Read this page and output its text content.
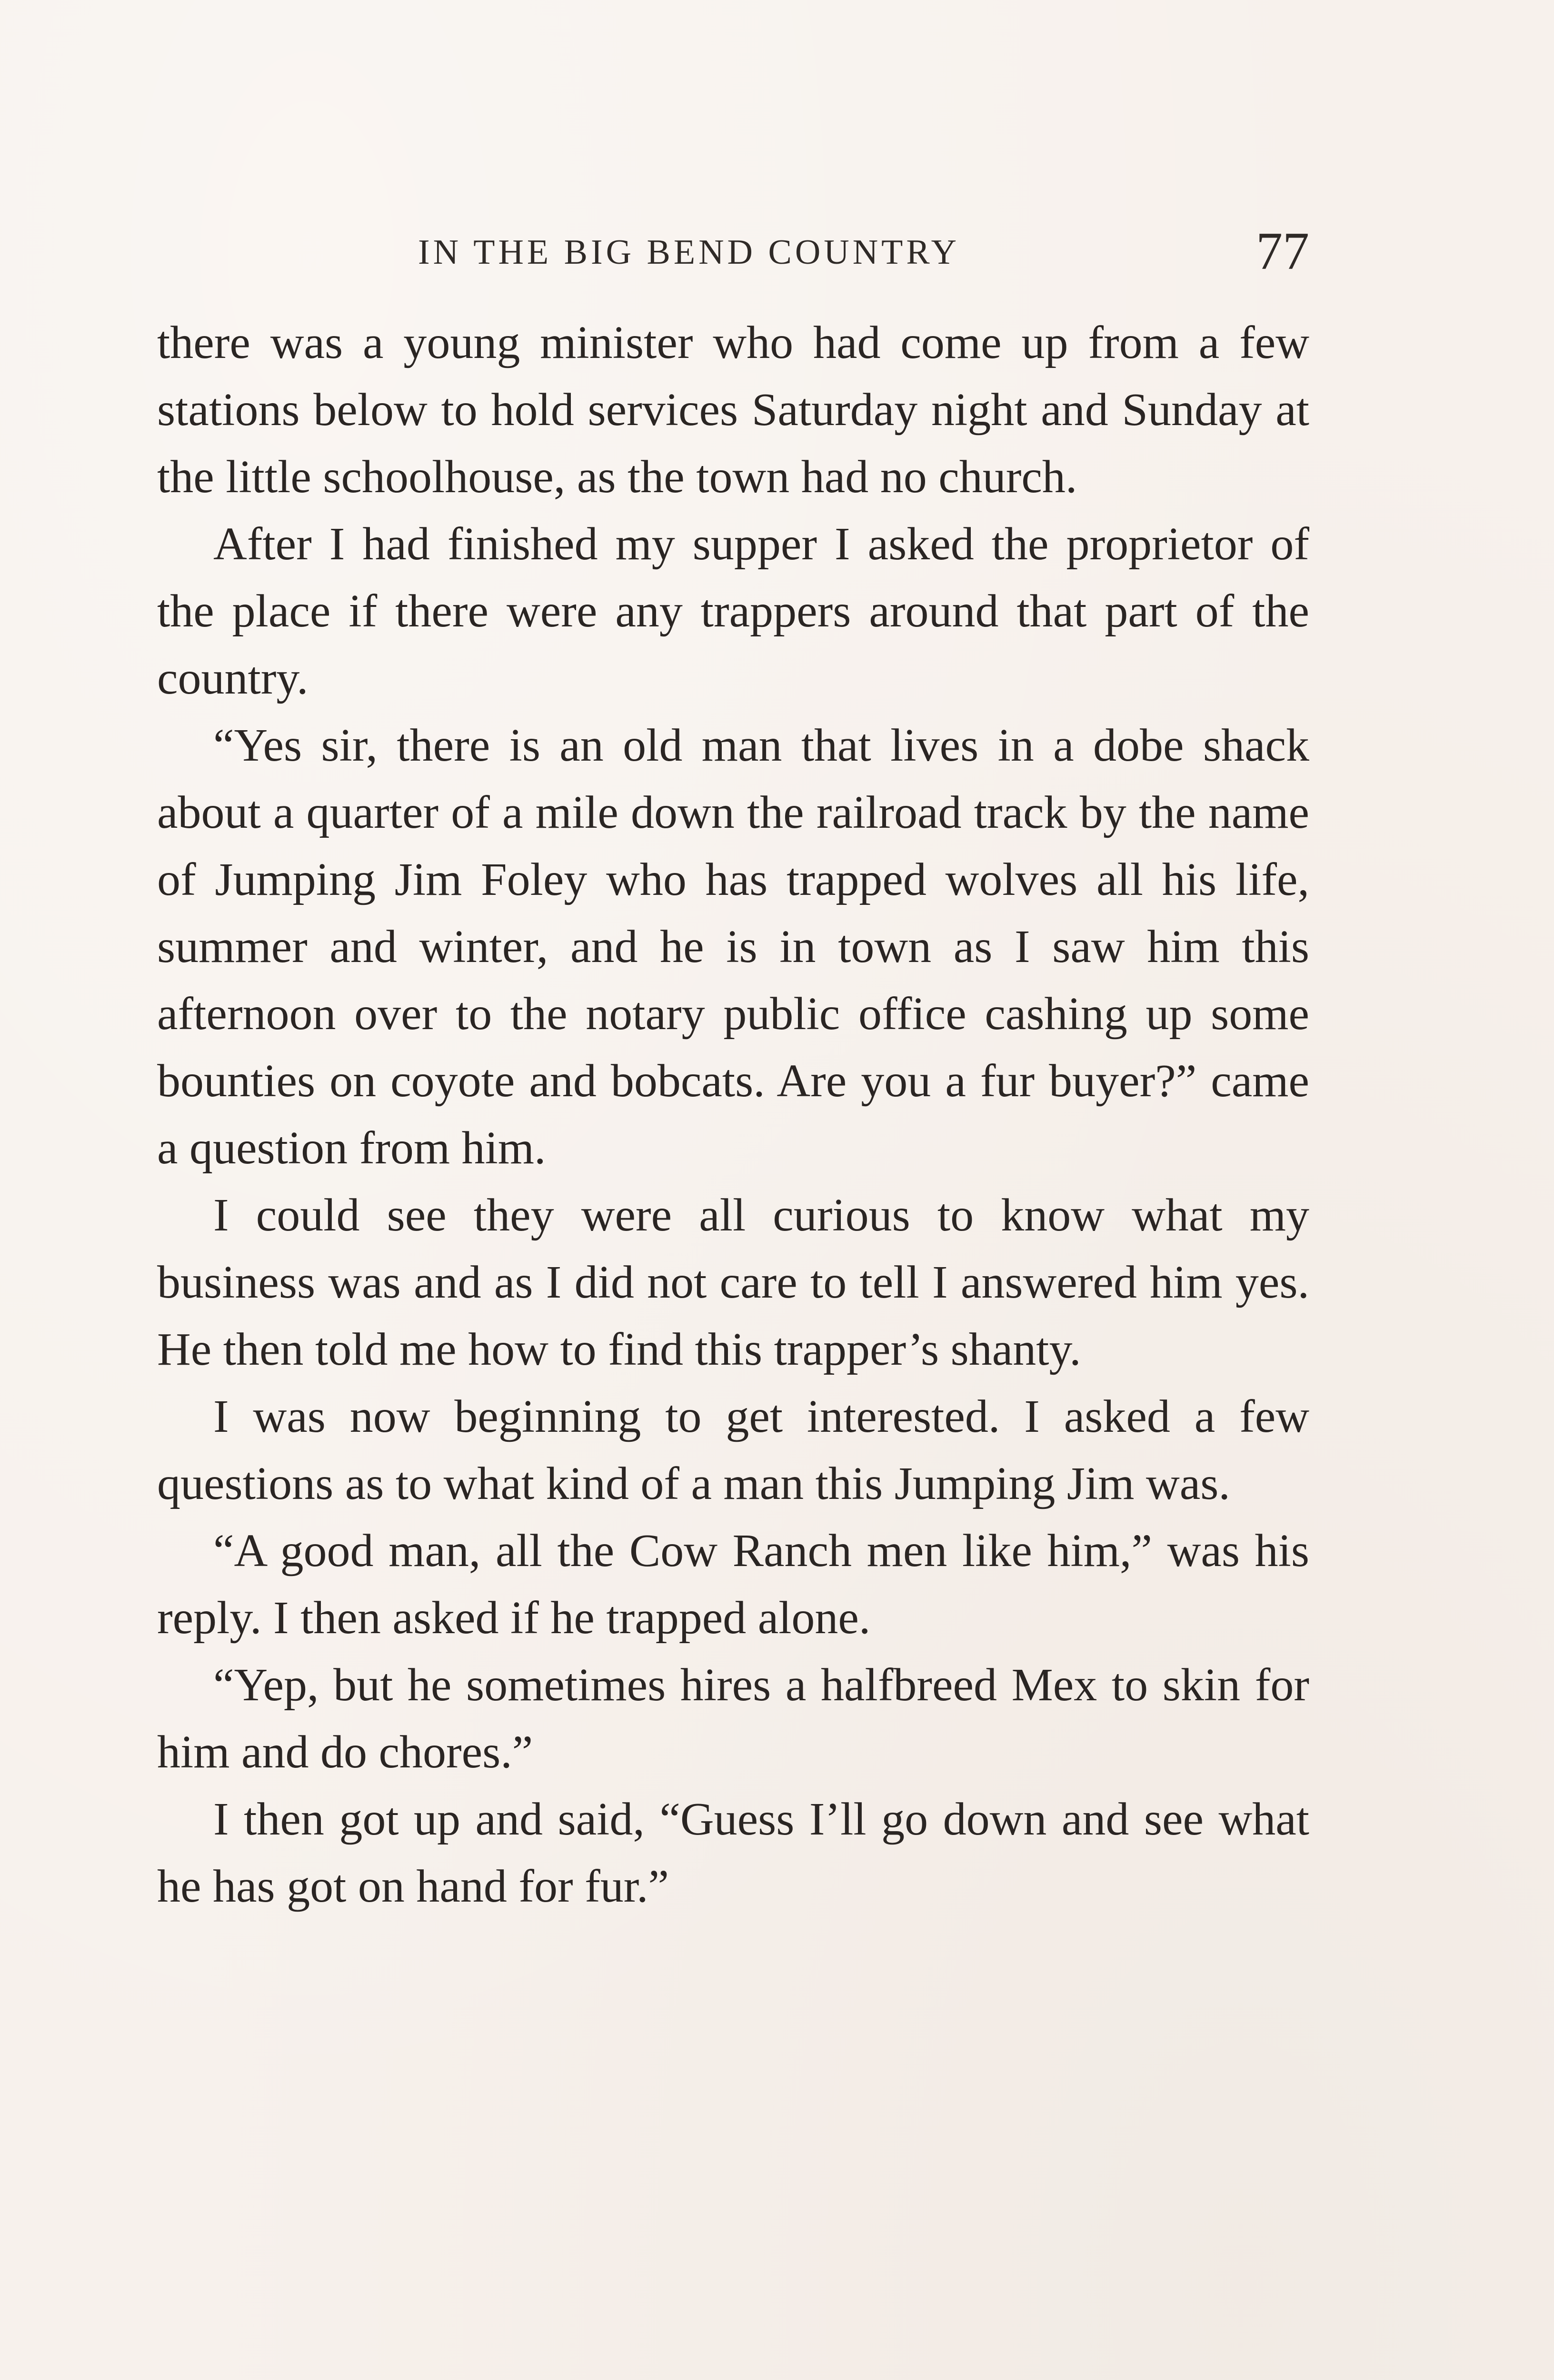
IN THE BIG BEND COUNTRY	77

there was a young minister who had come up from a few stations below to hold services Saturday night and Sunday at the little schoolhouse, as the town had no church.

After I had finished my supper I asked the proprietor of the place if there were any trappers around that part of the country.

“Yes sir, there is an old man that lives in a dobe shack about a quarter of a mile down the railroad track by the name of Jumping Jim Foley who has trapped wolves all his life, summer and winter, and he is in town as I saw him this afternoon over to the notary public office cashing up some bounties on coyote and bobcats. Are you a fur buyer?” came a question from him.

I could see they were all curious to know what my business was and as I did not care to tell I answered him yes. He then told me how to find this trapper’s shanty.

I was now beginning to get interested. I asked a few questions as to what kind of a man this Jumping Jim was.

“A good man, all the Cow Ranch men like him,” was his reply. I then asked if he trapped alone.

“Yep, but he sometimes hires a halfbreed Mex to skin for him and do chores.”

I then got up and said, “Guess I’ll go down and see what he has got on hand for fur.”
